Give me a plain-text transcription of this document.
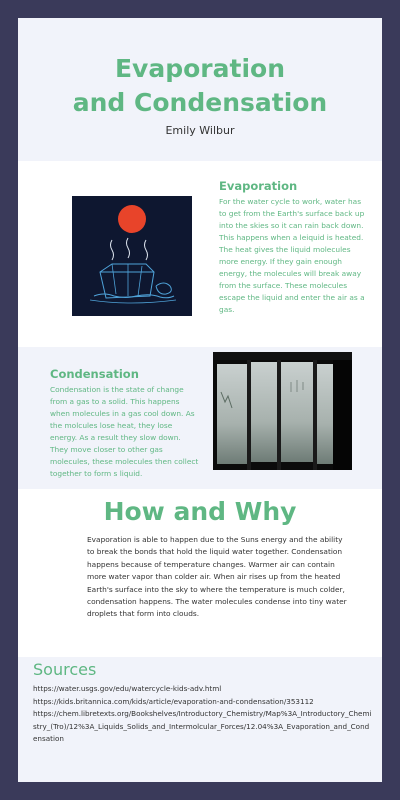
Evaporation
and Condensation
Emily Wilbur

Evaporation

For the water cycle to work, water has to get from the Earth's surface back up into the skies so it can rain back down. This happens when a leiquid is heated. The heat gives the liquid molecules more energy. If they gain enough energy, the molecules will break away from the surface. These molecules escape the liquid and enter the air as a gas.

Condensation

Condensation is the state of change from a gas to a solid. This happens when molecules in a gas cool down. As the molcules lose heat, they lose energy. As a result they slow down. They move closer to other gas molecules, these molecules then collect together to form s liquid.

How and Why

Evaporation is able to happen due to the Suns energy and the ability to break the bonds that hold the liquid water together. Condensation happens because of temperature changes. Warmer air can contain more water vapor than colder air. When air rises up from the heated Earth's surface into the sky to where the temperature is much colder, condensation happens. The water molecules condense into tiny water droplets that form into clouds.

Sources
https://water.usgs.gov/edu/watercycle-kids-adv.html
https://kids.britannica.com/kids/article/evaporation-and-condensation/353112
https://chem.libretexts.org/Bookshelves/Introductory_Chemistry/Map%3A_Introductory_Chemistry_(Tro)/12%3A_Liquids_Solids_and_Intermolcular_Forces/12.04%3A_Evaporation_and_Condensation
